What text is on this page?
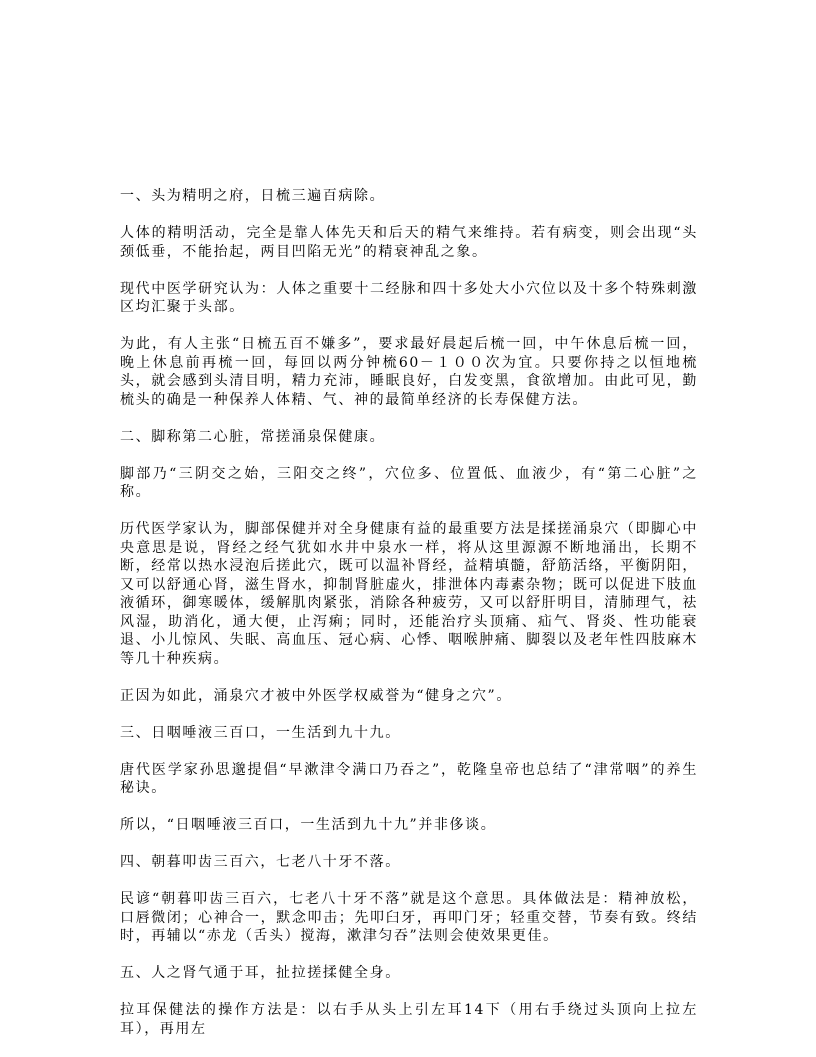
一、头为精明之府，日梳三遍百病除。

人体的精明活动，完全是靠人体先天和后天的精气来维持。若有病变，则会出现“头颈低垂，不能抬起，两目凹陷无光”的精衰神乱之象。

现代中医学研究认为：人体之重要十二经脉和四十多处大小穴位以及十多个特殊刺激区均汇聚于头部。

为此，有人主张“日梳五百不嫌多”，要求最好晨起后梳一回，中午休息后梳一回，晚上休息前再梳一回，每回以两分钟梳60－１００次为宜。只要你持之以恒地梳头，就会感到头清目明，精力充沛，睡眠良好，白发变黑，食欲增加。由此可见，勤梳头的确是一种保养人体精、气、神的最简单经济的长寿保健方法。

二、脚称第二心脏，常搓涌泉保健康。

脚部乃“三阴交之始，三阳交之终”，穴位多、位置低、血液少，有“第二心脏”之称。

历代医学家认为，脚部保健并对全身健康有益的最重要方法是揉搓涌泉穴（即脚心中央意思是说，肾经之经气犹如水井中泉水一样，将从这里源源不断地涌出，长期不断，经常以热水浸泡后搓此穴，既可以温补肾经，益精填髓，舒筋活络，平衡阴阳，又可以舒通心肾，滋生肾水，抑制肾脏虚火，排泄体内毒素杂物；既可以促进下肢血液循环，御寒暖体，缓解肌肉紧张，消除各种疲劳，又可以舒肝明目，清肺理气，祛风湿，助消化，通大便，止泻痢；同时，还能治疗头顶痛、疝气、肾炎、性功能衰退、小儿惊风、失眠、高血压、冠心病、心悸、咽喉肿痛、脚裂以及老年性四肢麻木等几十种疾病。

正因为如此，涌泉穴才被中外医学权威誉为“健身之穴”。

三、日咽唾液三百口，一生活到九十九。

唐代医学家孙思邈提倡“早漱津令满口乃吞之”，乾隆皇帝也总结了“津常咽”的养生秘诀。

所以，“日咽唾液三百口，一生活到九十九”并非侈谈。

四、朝暮叩齿三百六，七老八十牙不落。

民谚“朝暮叩齿三百六，七老八十牙不落”就是这个意思。具体做法是：精神放松，口唇微闭；心神合一，默念叩击；先叩臼牙，再叩门牙；轻重交替，节奏有致。终结时，再辅以“赤龙（舌头）搅海，漱津匀吞”法则会使效果更佳。

五、人之肾气通于耳，扯拉搓揉健全身。

拉耳保健法的操作方法是：以右手从头上引左耳14下（用右手绕过头顶向上拉左耳），再用左
